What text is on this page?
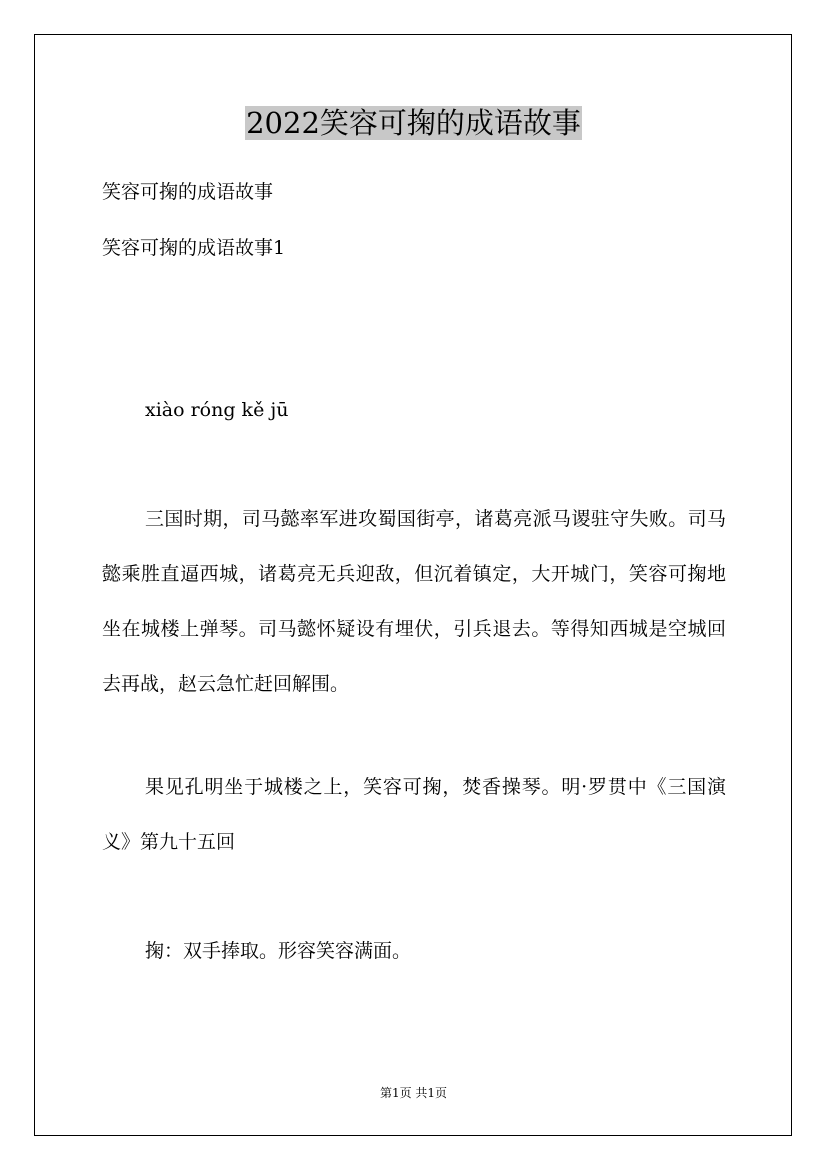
2022笑容可掬的成语故事

笑容可掬的成语故事

笑容可掬的成语故事1

xiào róng kě jū

三国时期，司马懿率军进攻蜀国街亭，诸葛亮派马谡驻守失败。司马懿乘胜直逼西城，诸葛亮无兵迎敌，但沉着镇定，大开城门，笑容可掬地坐在城楼上弹琴。司马懿怀疑设有埋伏，引兵退去。等得知西城是空城回去再战，赵云急忙赶回解围。

果见孔明坐于城楼之上，笑容可掬，焚香操琴。明·罗贯中《三国演义》第九十五回

掬：双手捧取。形容笑容满面。

第1页 共1页
